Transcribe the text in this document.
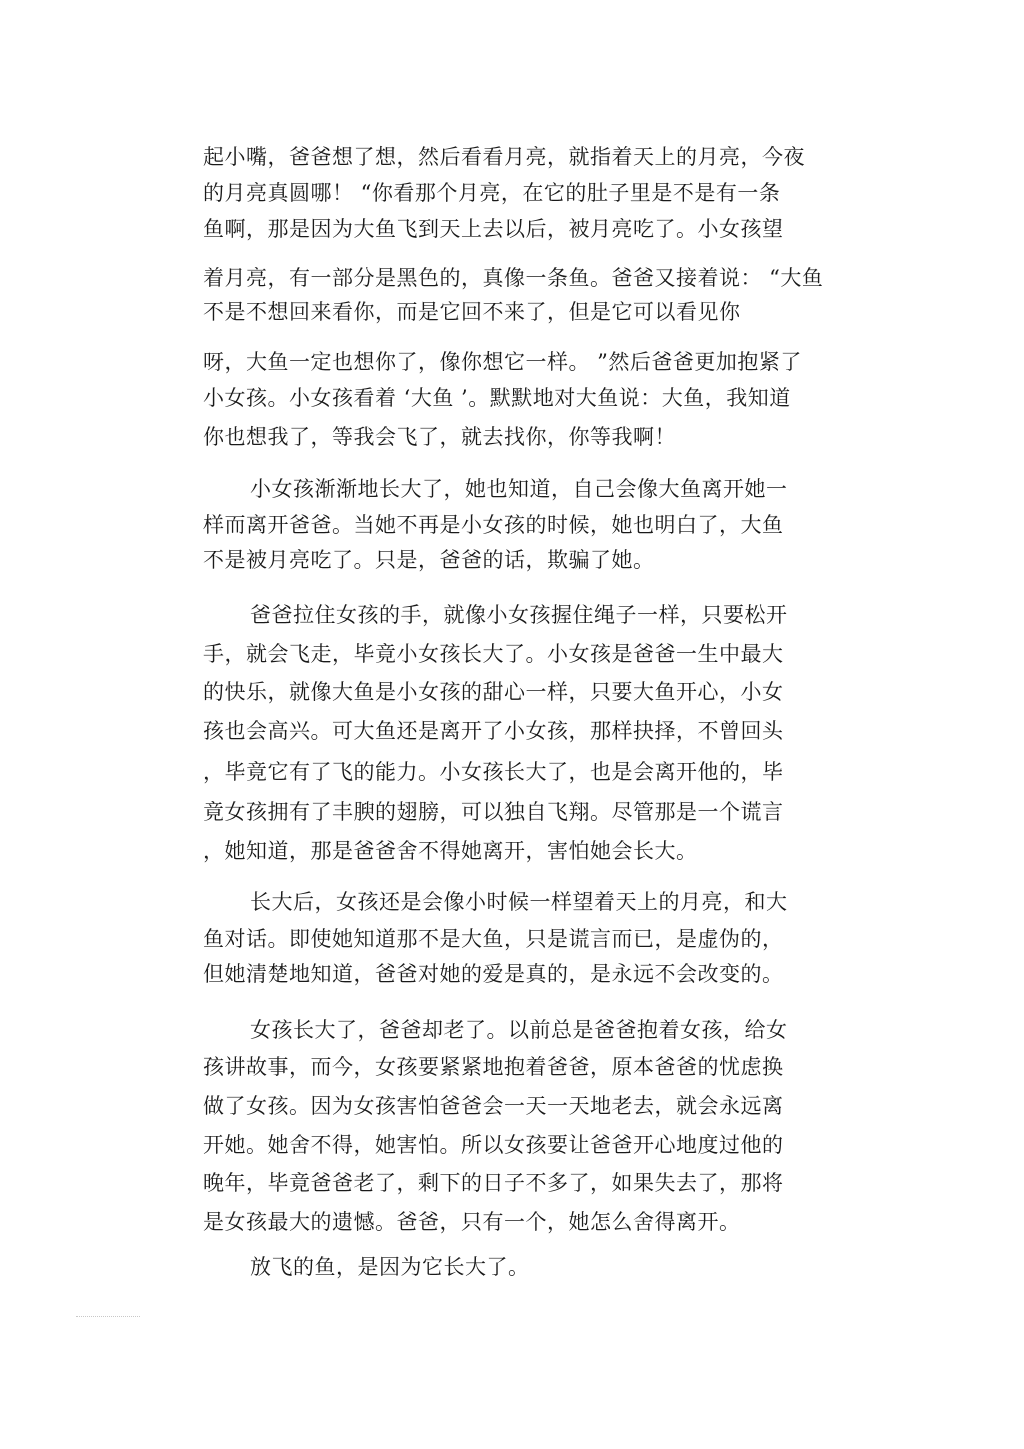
起小嘴，爸爸想了想，然后看看月亮，就指着天上的月亮，今夜
的月亮真圆哪！ “你看那个月亮，在它的肚子里是不是有一条
鱼啊，那是因为大鱼飞到天上去以后，被月亮吃了。小女孩望
着月亮，有一部分是黑色的，真像一条鱼。爸爸又接着说： “大鱼
不是不想回来看你，而是它回不来了，但是它可以看见你
呀，大鱼一定也想你了，像你想它一样。 ”然后爸爸更加抱紧了
小女孩。小女孩看着 ‘大鱼 ’。默默地对大鱼说：大鱼，我知道
你也想我了，等我会飞了，就去找你，你等我啊！
小女孩渐渐地长大了，她也知道，自己会像大鱼离开她一
样而离开爸爸。当她不再是小女孩的时候，她也明白了，大鱼
不是被月亮吃了。只是，爸爸的话，欺骗了她。
爸爸拉住女孩的手，就像小女孩握住绳子一样，只要松开
手，就会飞走，毕竟小女孩长大了。小女孩是爸爸一生中最大
的快乐，就像大鱼是小女孩的甜心一样，只要大鱼开心，小女
孩也会高兴。可大鱼还是离开了小女孩，那样抉择，不曾回头
，毕竟它有了飞的能力。小女孩长大了，也是会离开他的，毕
竟女孩拥有了丰腴的翅膀，可以独自飞翔。尽管那是一个谎言
，她知道，那是爸爸舍不得她离开，害怕她会长大。
长大后，女孩还是会像小时候一样望着天上的月亮，和大
鱼对话。即使她知道那不是大鱼，只是谎言而已，是虚伪的，
但她清楚地知道，爸爸对她的爱是真的，是永远不会改变的。
女孩长大了，爸爸却老了。以前总是爸爸抱着女孩，给女
孩讲故事，而今，女孩要紧紧地抱着爸爸，原本爸爸的忧虑换
做了女孩。因为女孩害怕爸爸会一天一天地老去，就会永远离
开她。她舍不得，她害怕。所以女孩要让爸爸开心地度过他的
晚年，毕竟爸爸老了，剩下的日子不多了，如果失去了，那将
是女孩最大的遗憾。爸爸，只有一个，她怎么舍得离开。
放飞的鱼，是因为它长大了。
